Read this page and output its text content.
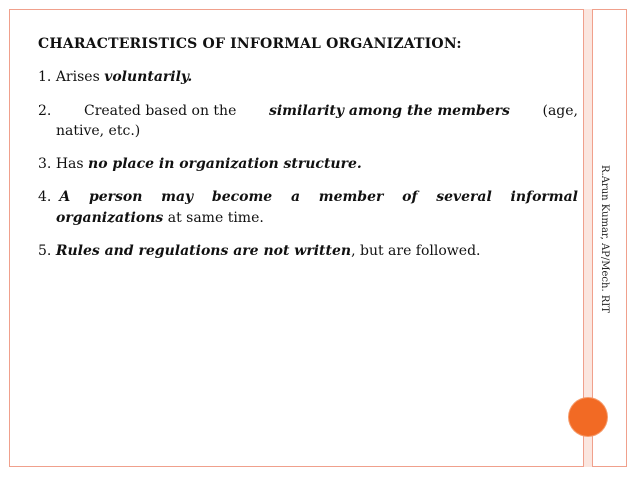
CHARACTERISTICS OF INFORMAL ORGANIZATION:
1. Arises voluntarily.
2. Created based on the similarity among the members (age,
native, etc.)
3. Has no place in organization structure.
4. A person may become a member of several informal
organizations at same time.
5. Rules and regulations are not written, but are followed.	R.Arun Kumar, AP/Mech. RIT
